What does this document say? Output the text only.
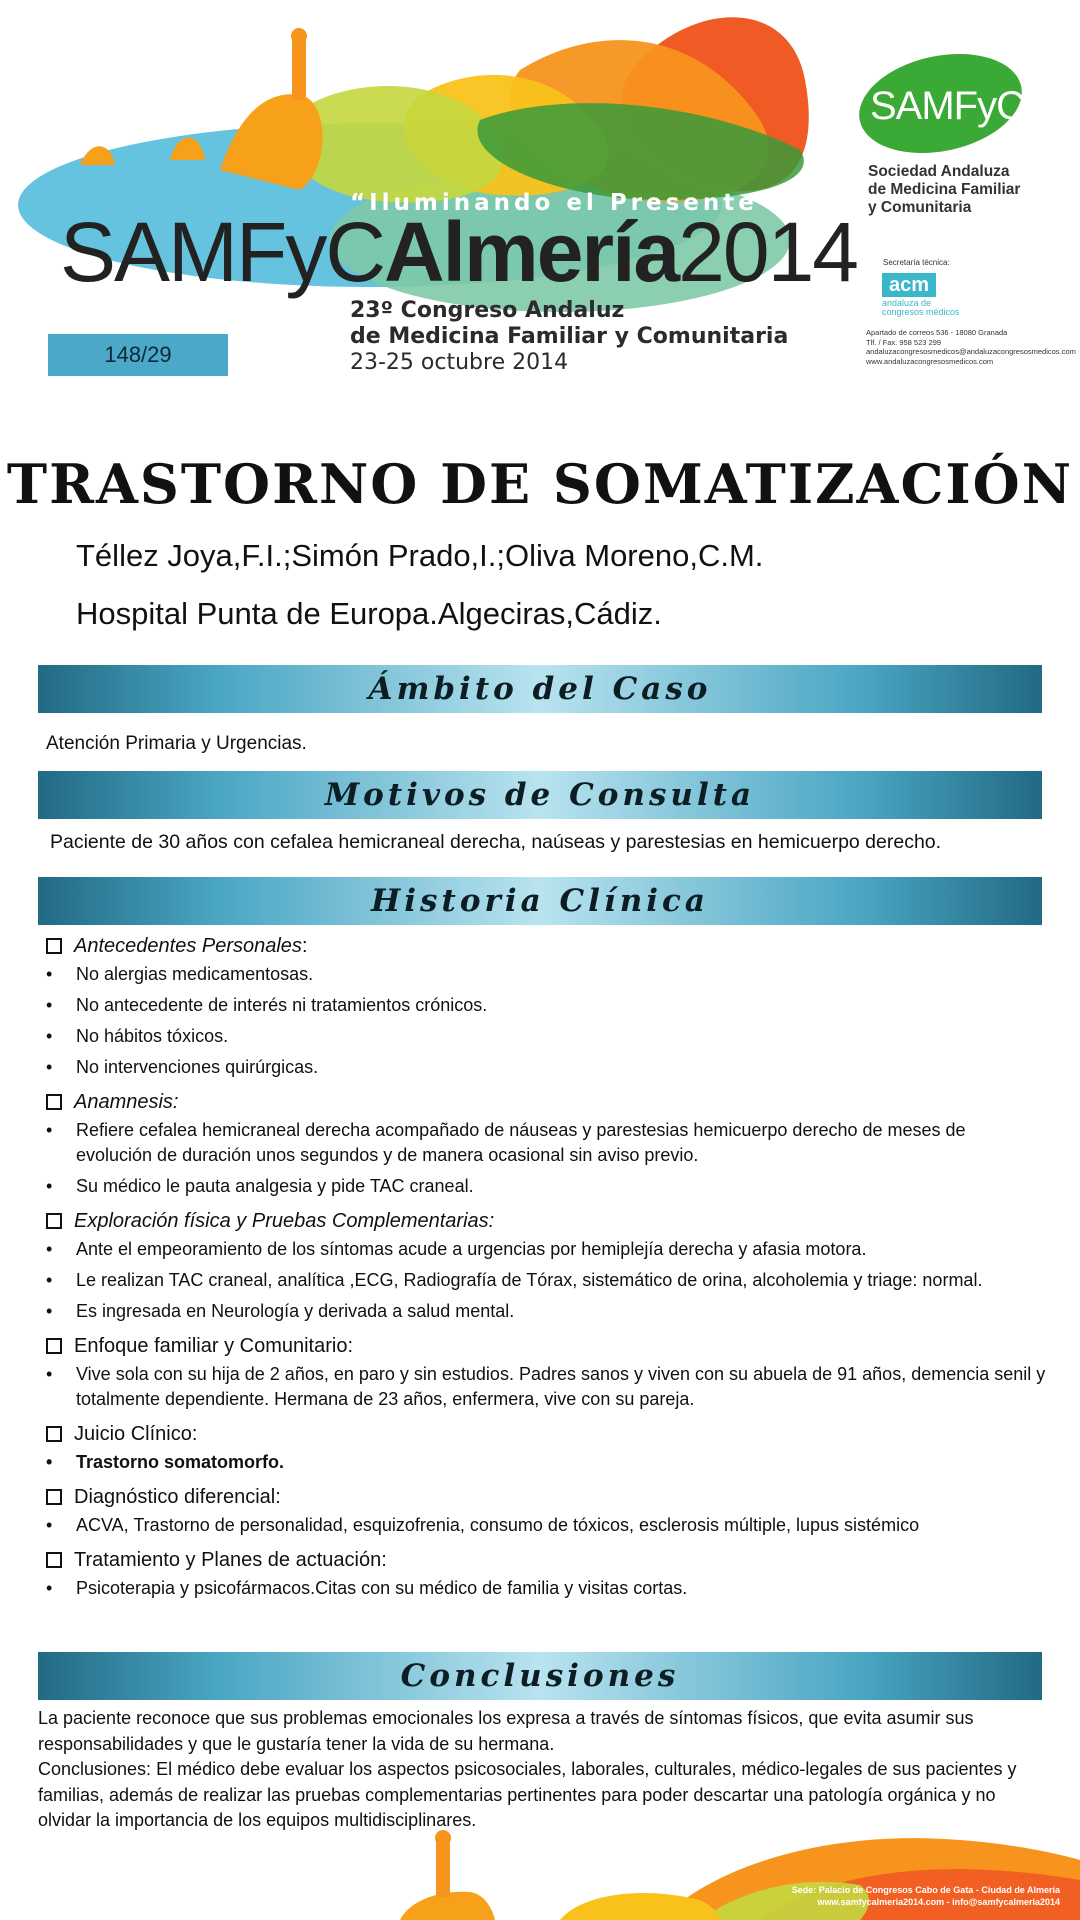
“Iluminando el Presente”
SAMFyCAlmería2014
23º Congreso Andaluz
de Medicina Familiar y Comunitaria
23-25 octubre 2014
148/29
SAMFyC
Sociedad Andaluza
de Medicina Familiar
y Comunitaria
Secretaría técnica:
acm
andaluza de congresos médicos
Apartado de correos 536 - 18080 Granada
Tlf. / Fax. 958 523 299
andaluzacongresosmedicos@andaluzacongresosmedicos.com
www.andaluzacongresosmedicos.com
TRASTORNO DE SOMATIZACIÓN
Téllez Joya,F.I.;Simón Prado,I.;Oliva Moreno,C.M.
Hospital Punta de Europa.Algeciras,Cádiz.
Ámbito del Caso
Atención Primaria y Urgencias.
Motivos de Consulta
Paciente de 30 años con cefalea hemicraneal derecha, naúseas y parestesias en hemicuerpo derecho.
Historia Clínica
Antecedentes Personales :
• No alergias medicamentosas.
• No antecedente de interés ni tratamientos crónicos.
• No hábitos tóxicos.
• No intervenciones quirúrgicas.
Anamnesis:
• Refiere cefalea hemicraneal derecha acompañado de náuseas y parestesias hemicuerpo derecho de meses de evolución de duración unos segundos y de manera ocasional sin aviso previo.
• Su médico le pauta analgesia y pide TAC craneal.
Exploración física y Pruebas Complementarias:
• Ante el empeoramiento de los síntomas acude a urgencias por hemiplejía derecha y afasia motora.
• Le realizan TAC craneal, analítica ,ECG, Radiografía de Tórax, sistemático de orina, alcoholemia y triage: normal.
• Es ingresada en Neurología y derivada a salud mental.
Enfoque familiar y Comunitario:
• Vive sola con su hija de 2 años, en paro y sin estudios. Padres sanos y viven con su abuela de 91 años, demencia senil y totalmente dependiente. Hermana de 23 años, enfermera, vive con su pareja.
Juicio Clínico:
• Trastorno somatomorfo.
Diagnóstico diferencial:
• ACVA, Trastorno de personalidad, esquizofrenia, consumo de tóxicos, esclerosis múltiple, lupus sistémico
Tratamiento y Planes de actuación:
• Psicoterapia y psicofármacos.Citas con su médico de familia y visitas cortas.
Conclusiones

La paciente reconoce que sus problemas emocionales los expresa a través de síntomas físicos, que evita asumir sus responsabilidades y que le gustaría tener la vida de su hermana.

Conclusiones: El médico debe evaluar los aspectos psicosociales, laborales, culturales, médico-legales de sus pacientes y familias, además de realizar las pruebas complementarias pertinentes para poder descartar una patología orgánica y no olvidar la importancia de los equipos multidisciplinares.

Sede: Palacio de Congresos Cabo de Gata - Ciudad de Almería
www.samfycalmeria2014.com - info@samfycalmeria2014
